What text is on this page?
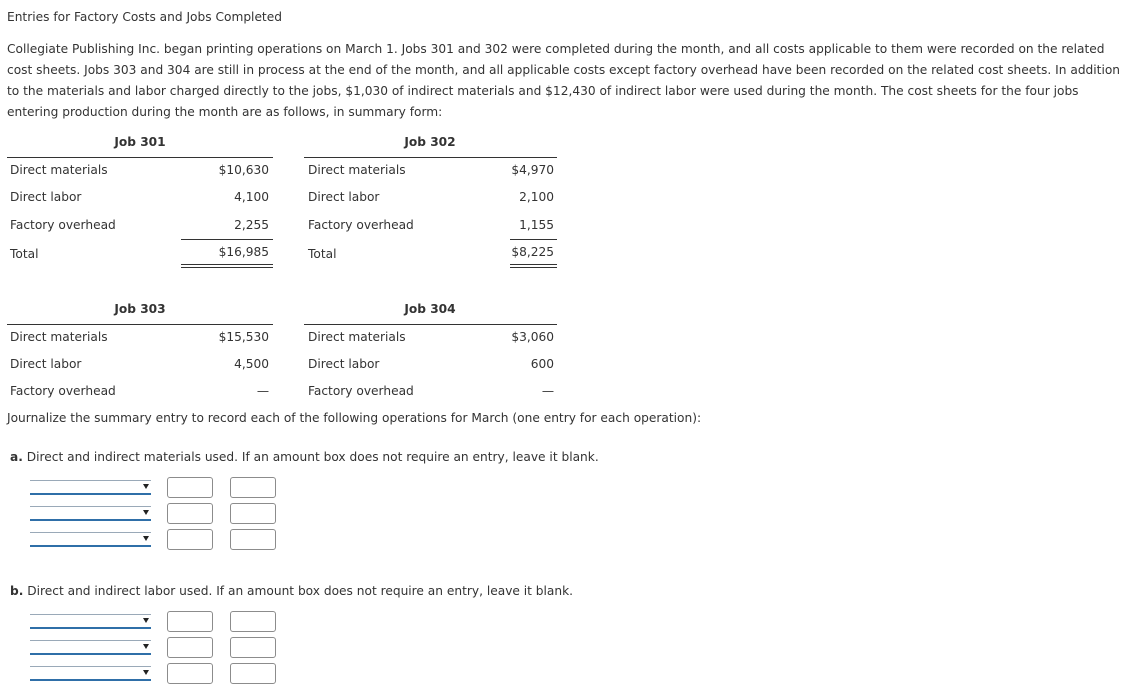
Entries for Factory Costs and Jobs Completed
Collegiate Publishing Inc. began printing operations on March 1. Jobs 301 and 302 were completed during the month, and all costs applicable to them were recorded on the related cost sheets. Jobs 303 and 304 are still in process at the end of the month, and all applicable costs except factory overhead have been recorded on the related cost sheets. In addition to the materials and labor charged directly to the jobs, $1,030 of indirect materials and $12,430 of indirect labor were used during the month. The cost sheets for the four jobs entering production during the month are as follows, in summary form:
Job 301
Direct materials	$10,630
Direct labor	4,100
Factory overhead	2,255
Total	$16,985
Job 302
Direct materials	$4,970
Direct labor	2,100
Factory overhead	1,155
Total	$8,225
Job 303
Direct materials	$15,530
Direct labor	4,500
Factory overhead	—
Job 304
Direct materials	$3,060
Direct labor	600
Factory overhead	—
Journalize the summary entry to record each of the following operations for March (one entry for each operation):
a. Direct and indirect materials used. If an amount box does not require an entry, leave it blank.
b. Direct and indirect labor used. If an amount box does not require an entry, leave it blank.
